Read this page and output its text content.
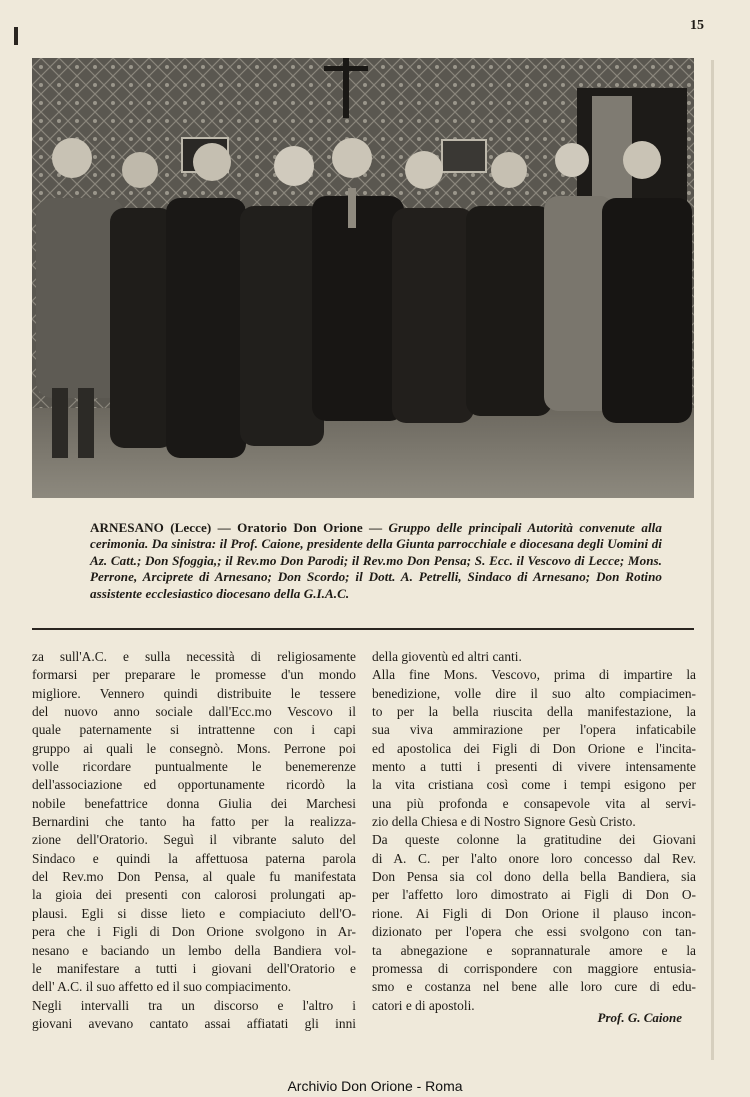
15
ARNESANO (Lecce) — Oratorio Don Orione — Gruppo delle principali Autorità convenute alla cerimonia. Da sinistra: il Prof. Caione, presidente della Giunta parrocchiale e diocesana degli Uomini di Az. Catt.; Don Sfoggia,; il Rev.mo Don Parodi; il Rev.mo Don Pensa; S. Ecc. il Vescovo di Lecce; Mons. Perrone, Arciprete di Arnesano; Don Scordo; il Dott. A. Petrelli, Sindaco di Arnesano; Don Rotino assistente ecclesiastico diocesano della G.I.A.C.
za sull'A.C. e sulla necessità di religiosamente
formarsi per preparare le promesse d'un mondo
migliore. Vennero quindi distribuite le tessere
del nuovo anno sociale dall'Ecc.mo Vescovo il
quale paternamente si intrattenne con i capi
gruppo ai quali le consegnò. Mons. Perrone poi
volle ricordare puntualmente le benemerenze
dell'associazione ed opportunamente ricordò la
nobile benefattrice donna Giulia dei Marchesi
Bernardini che tanto ha fatto per la realizza-
zione dell'Oratorio. Seguì il vibrante saluto del
Sindaco e quindi la affettuosa paterna parola
del Rev.mo Don Pensa, al quale fu manifestata
la gioia dei presenti con calorosi prolungati ap-
plausi. Egli si disse lieto e compiaciuto dell'O-
pera che i Figli di Don Orione svolgono in Ar-
nesano e baciando un lembo della Bandiera vol-
le manifestare a tutti i giovani dell'Oratorio e
dell' A.C. il suo affetto ed il suo compiacimento.
Negli intervalli tra un discorso e l'altro i
giovani avevano cantato assai affiatati gli inni
della gioventù ed altri canti.
Alla fine Mons. Vescovo, prima di impartire la
benedizione, volle dire il suo alto compiacimen-
to per la bella riuscita della manifestazione, la
sua viva ammirazione per l'opera infaticabile
ed apostolica dei Figli di Don Orione e l'incita-
mento a tutti i presenti di vivere intensamente
la vita cristiana così come i tempi esigono per
una più profonda e consapevole vita al servi-
zio della Chiesa e di Nostro Signore Gesù Cristo.
Da queste colonne la gratitudine dei Giovani
di A. C. per l'alto onore loro concesso dal Rev.
Don Pensa sia col dono della bella Bandiera, sia
per l'affetto loro dimostrato ai Figli di Don O-
rione. Ai Figli di Don Orione il plauso incon-
dizionato per l'opera che essi svolgono con tan-
ta abnegazione e soprannaturale amore e la
promessa di corrispondere con maggiore entusia-
smo e costanza nel bene alle loro cure di edu-
catori e di apostoli.
Prof. G. Caione
Archivio Don Orione - Roma
